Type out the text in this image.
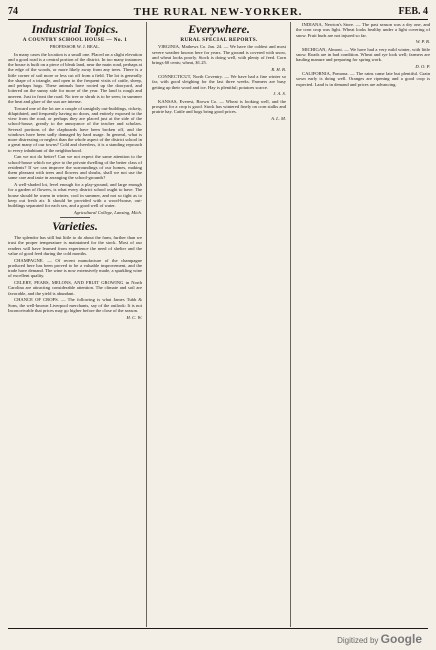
74	THE RURAL NEW-YORKER.	FEB. 4
Industrial Topics.
A COUNTRY SCHOOL HOUSE — No. 1
PROFESSOR W. J. BEAL.

In many cases the location is a small one. Placed on a slight elevation and a good road is a central portion of the district. In too many instances the house is built on a piece of bleak land, near the main road, perhaps at the edge of the woods, or more likely away from any trees. There is a little corner of soil more or less cut off from a field. The lot is generally the shape of a triangle, and open to the frequent visits of cattle, sheep, and perhaps hogs. These animals have rooted up the dooryard, and loitered on the sunny side for more of the year. The land is rough and uneven. Just in front the road. No tree or shrub is to be seen; in summer the heat and glare of the sun are intense.

Toward one of the lot are a couple of unsightly out-buildings, rickety, dilapidated, and frequently having no doors, and entirely exposed to the view from the road, or perhaps they are placed just at the side of the school-house, greatly to the annoyance of the teacher and scholars. Several portions of the clapboards have been broken off, and the windows have been sadly damaged by hard usage. In general, what is more distressing or neglect than the whole aspect of the district school in a great many of our towns? Cold and cheerless, it is a standing reproach to every inhabitant of the neighborhood.

Can we not do better? Can we not expect the same attention to the school-house which we give to the private dwelling of the better class of residents? If we can improve the surroundings of our homes, making them pleasant with trees and flowers and shrubs, shall we not use the same care and taste in arranging the school-grounds?

A well-shaded lot, level enough for a play-ground, and large enough for a garden of flowers, is what every district school ought to have. The house should be warm in winter, cool in summer, and not so tight as to keep out fresh air. It should be provided with a wood-house, out-buildings separated for each sex, and a good well of water.

Agricultural College, Lansing, Mich.
Varieties.

The splendor has still but little to do about the farm, further than we trust the proper temperature is maintained for the stock. Most of our readers will have learned from experience the need of shelter and the value of good feed during the cold months.

CHAMPAGNE. — Of recent manufacture of the champagne produced here has been proved to be a valuable improvement, and the trade have demand. The wine is now extensively made, a sparkling wine of excellent quality.

CELERY, PEARS, MELONS, AND FRUIT GROWING in North Carolina are attracting considerable attention. The climate and soil are favorable, and the yield is abundant.

CHANCE OF CROPS. — The following is what James Tubb & Sons, the well-known Liverpool merchants, say of the outlook: It is not Inconceivable that prices may go higher before the close of the season.

H. C. W.
Everywhere.
RURAL SPECIAL REPORTS.

VIRGINIA, Mathews Co. Jan. 24. — We have the coldest and most severe weather known here for years. The ground is covered with snow, and wheat looks poorly. Stock is doing well, with plenty of feed. Corn brings 60 cents; wheat, $1.25.

R. H. B.

CONNECTICUT, North Coventry. — We have had a fine winter so far, with good sleighing for the last three weeks. Farmers are busy getting up their wood and ice. Hay is plentiful; potatoes scarce.

J. A. S.

KANSAS, Everest, Brown Co. — Wheat is looking well, and the prospect for a crop is good. Stock has wintered finely on corn stalks and prairie hay. Cattle and hogs bring good prices.

A. L. M.

INDIANA, Newton's Store. — The past season was a dry one, and the corn crop was light. Wheat looks healthy under a light covering of snow. Fruit buds are not injured so far.

W. P. B.

MICHIGAN, Almont. — We have had a very mild winter, with little snow. Roads are in bad condition. Wheat and rye look well; farmers are hauling manure and preparing for spring work.

D. O. P.

CALIFORNIA, Pomona. — The rains came late but plentiful. Grain sown early is doing well. Oranges are ripening and a good crop is expected. Land is in demand and prices are advancing.

Digitized by Google
